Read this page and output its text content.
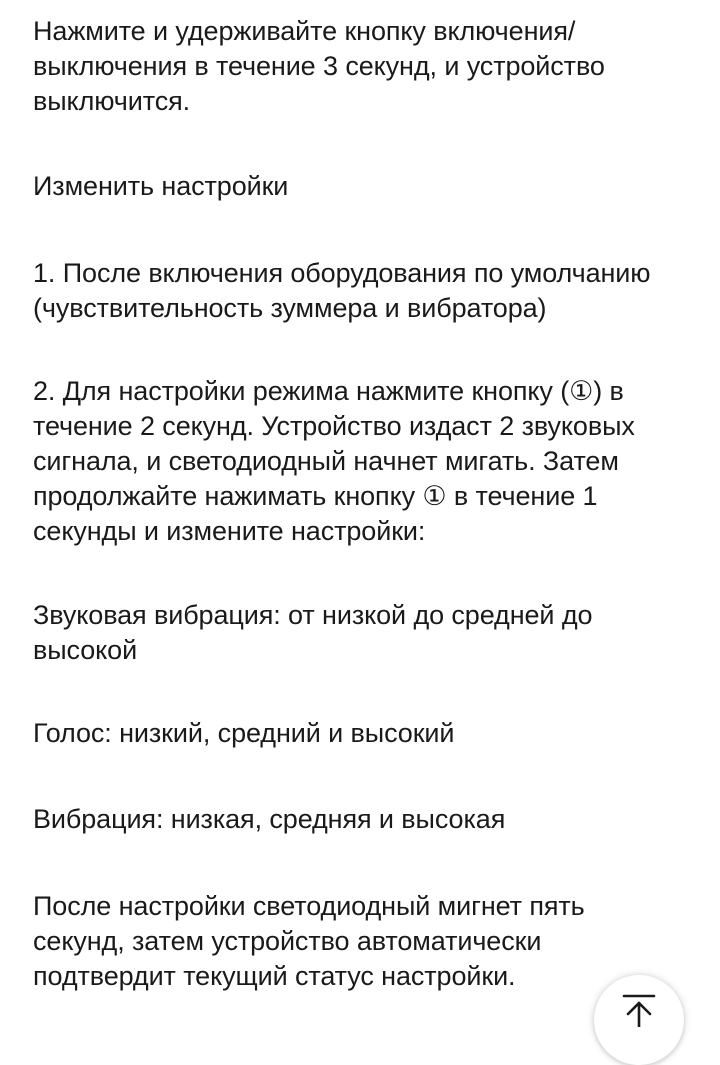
Нажмите и удерживайте кнопку включения/
выключения в течение 3 секунд, и устройство
выключится.

Изменить настройки

1. После включения оборудования по умолчанию
(чувствительность зуммера и вибратора)

2. Для настройки режима нажмите кнопку (①) в
течение 2 секунд. Устройство издаст 2 звуковых
сигнала, и светодиодный начнет мигать. Затем
продолжайте нажимать кнопку ① в течение 1
секунды и измените настройки:

Звуковая вибрация: от низкой до средней до
высокой

Голос: низкий, средний и высокий

Вибрация: низкая, средняя и высокая

После настройки светодиодный мигнет пять
секунд, затем устройство автоматически
подтвердит текущий статус настройки.
